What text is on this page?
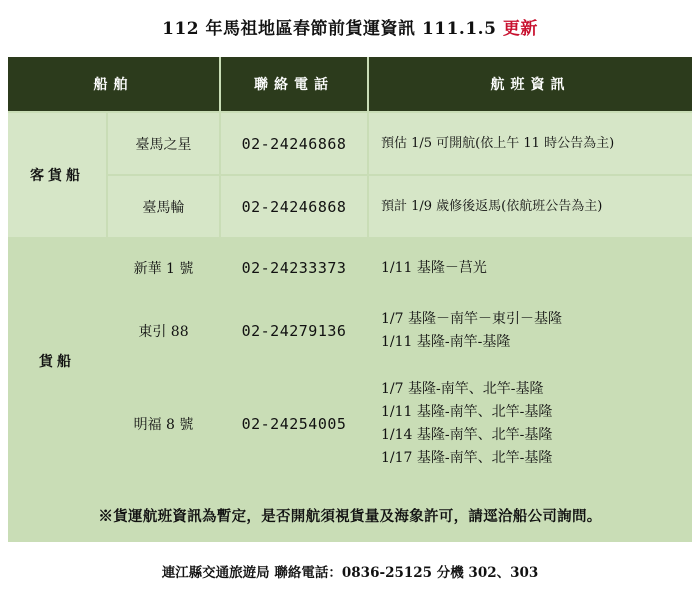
112 年馬祖地區春節前貨運資訊 111.1.5 更新
船舶	聯絡電話	航班資訊
客貨船
臺馬之星	02-24246868	預估 1/5 可開航(依上午 11 時公告為主)
臺馬輪	02-24246868	預計 1/9 歲修後返馬(依航班公告為主)
貨船
新華 1 號	02-24233373	1/11 基隆－莒光
東引 88	02-24279136
1/7 基隆－南竿－東引－基隆
1/11 基隆-南竿-基隆
明福 8 號	02-24254005
1/7 基隆-南竿、北竿-基隆
1/11 基隆-南竿、北竿-基隆
1/14 基隆-南竿、北竿-基隆
1/17 基隆-南竿、北竿-基隆
※貨運航班資訊為暫定，是否開航須視貨量及海象許可，請逕洽船公司詢問。
連江縣交通旅遊局 聯絡電話：0836-25125 分機 302、303
